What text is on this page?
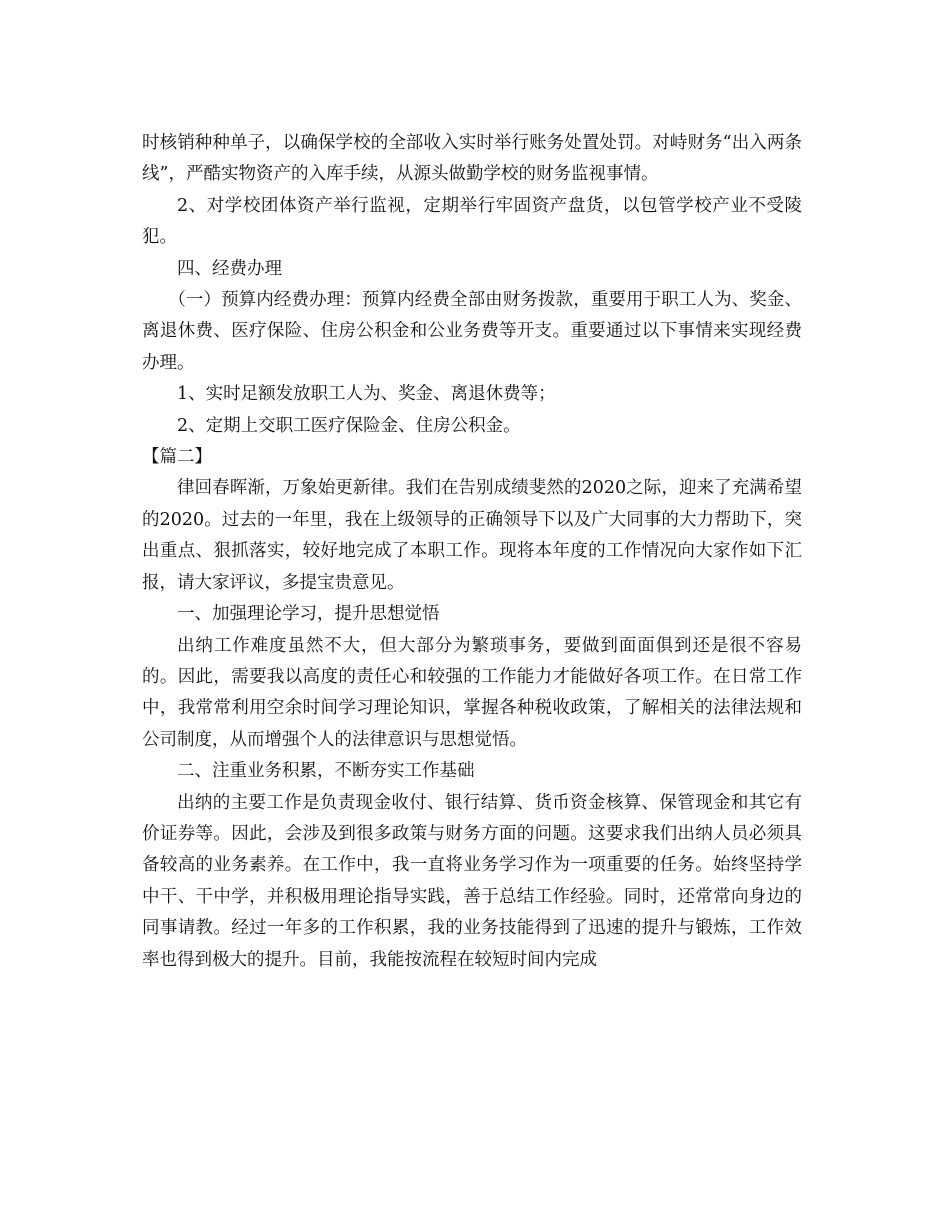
时核销种种单子，以确保学校的全部收入实时举行账务处置处罚。对峙财务“出入两条线”，严酷实物资产的入库手续，从源头做勤学校的财务监视事情。

2、对学校团体资产举行监视，定期举行牢固资产盘货，以包管学校产业不受陵犯。

四、经费办理

（一）预算内经费办理：预算内经费全部由财务拨款，重要用于职工人为、奖金、离退休费、医疗保险、住房公积金和公业务费等开支。重要通过以下事情来实现经费办理。

1、实时足额发放职工人为、奖金、离退休费等；

2、定期上交职工医疗保险金、住房公积金。

【篇二】

律回春晖渐，万象始更新律。我们在告别成绩斐然的2020之际，迎来了充满希望的2020。过去的一年里，我在上级领导的正确领导下以及广大同事的大力帮助下，突出重点、狠抓落实，较好地完成了本职工作。现将本年度的工作情况向大家作如下汇报，请大家评议，多提宝贵意见。

一、加强理论学习，提升思想觉悟

出纳工作难度虽然不大，但大部分为繁琐事务，要做到面面俱到还是很不容易的。因此，需要我以高度的责任心和较强的工作能力才能做好各项工作。在日常工作中，我常常利用空余时间学习理论知识，掌握各种税收政策，了解相关的法律法规和公司制度，从而增强个人的法律意识与思想觉悟。

二、注重业务积累，不断夯实工作基础

出纳的主要工作是负责现金收付、银行结算、货币资金核算、保管现金和其它有价证券等。因此，会涉及到很多政策与财务方面的问题。这要求我们出纳人员必须具备较高的业务素养。在工作中，我一直将业务学习作为一项重要的任务。始终坚持学中干、干中学，并积极用理论指导实践，善于总结工作经验。同时，还常常向身边的同事请教。经过一年多的工作积累，我的业务技能得到了迅速的提升与锻炼，工作效率也得到极大的提升。目前，我能按流程在较短时间内完成
